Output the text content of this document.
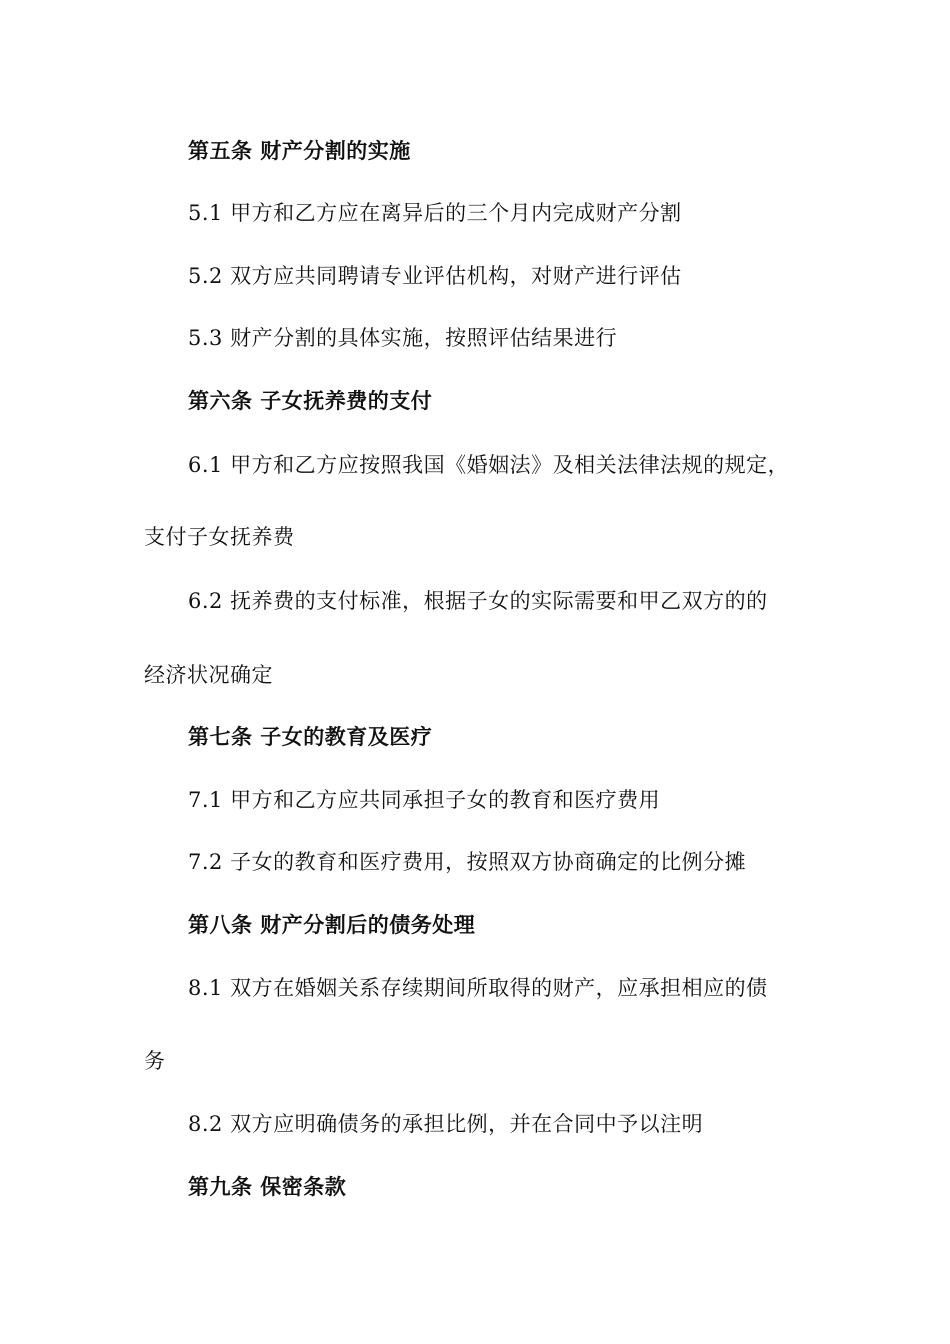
第五条 财产分割的实施
5.1 甲方和乙方应在离异后的三个月内完成财产分割
5.2 双方应共同聘请专业评估机构，对财产进行评估
5.3 财产分割的具体实施，按照评估结果进行
第六条 子女抚养费的支付
6.1 甲方和乙方应按照我国《婚姻法》及相关法律法规的规定，
支付子女抚养费
6.2 抚养费的支付标准，根据子女的实际需要和甲乙双方的的
经济状况确定
第七条 子女的教育及医疗
7.1 甲方和乙方应共同承担子女的教育和医疗费用
7.2 子女的教育和医疗费用，按照双方协商确定的比例分摊
第八条 财产分割后的债务处理
8.1 双方在婚姻关系存续期间所取得的财产，应承担相应的债
务
8.2 双方应明确债务的承担比例，并在合同中予以注明
第九条 保密条款
